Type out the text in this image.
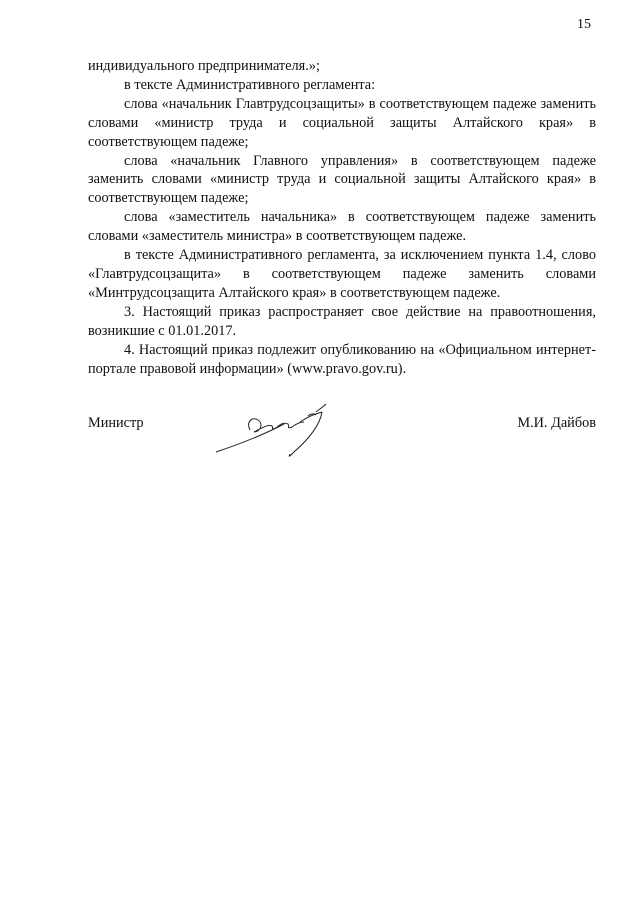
15

индивидуального предпринимателя.»;

в тексте Административного регламента:

слова «начальник Главтрудсоцзащиты» в соответствующем падеже заменить словами «министр труда и социальной защиты Алтайского края» в соответствующем падеже;

слова «начальник Главного управления» в соответствующем падеже заменить словами «министр труда и социальной защиты Алтайского края» в соответствующем падеже;

слова «заместитель начальника» в соответствующем падеже заменить словами «заместитель министра» в соответствующем падеже.

в тексте Административного регламента, за исключением пункта 1.4, слово «Главтрудсоцзащита» в соответствующем падеже заменить словами «Минтрудсоцзащита Алтайского края» в соответствующем падеже.

3. Настоящий приказ распространяет свое действие на правоотношения, возникшие с 01.01.2017.

4. Настоящий приказ подлежит опубликованию на «Официальном интернет-портале правовой информации» (www.pravo.gov.ru).

Министр	М.И. Дайбов
